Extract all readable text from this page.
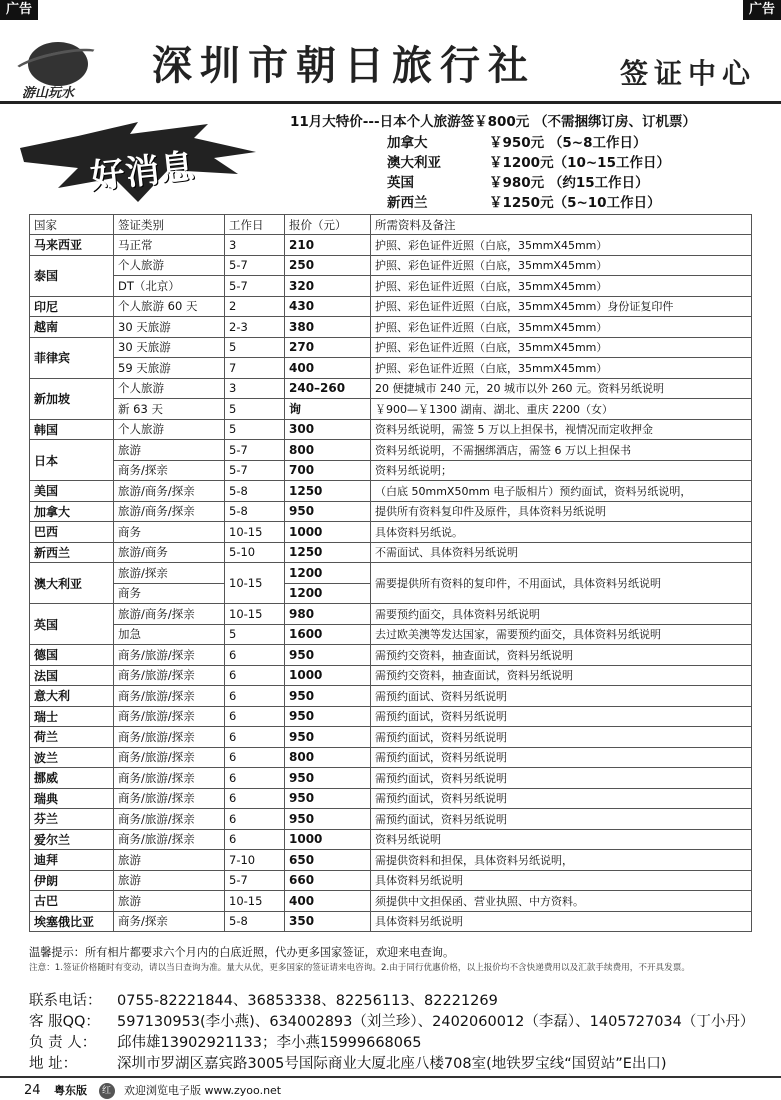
广告	广告
游山玩水
深圳市朝日旅行社	签证中心
好消息
11月大特价---日本个人旅游签￥800元 （不需捆绑订房、订机票）
加拿大	￥950元 （5~8工作日）
澳大利亚	￥1200元（10~15工作日）
英国	￥980元 （约15工作日）
新西兰	￥1250元（5~10工作日）
国家	签证类别	工作日	报价（元）	所需资料及备注
马来西亚	马正常	3	210	护照、彩色证件近照（白底，35mmX45mm）
泰国	个人旅游	5-7	250	护照、彩色证件近照（白底，35mmX45mm）
	DT（北京）	5-7	320	护照、彩色证件近照（白底，35mmX45mm）
印尼	个人旅游 60 天	2	430	护照、彩色证件近照（白底，35mmX45mm）身份证复印件
越南	30 天旅游	2-3	380	护照、彩色证件近照（白底，35mmX45mm）
菲律宾	30 天旅游	5	270	护照、彩色证件近照（白底，35mmX45mm）
	59 天旅游	7	400	护照、彩色证件近照（白底，35mmX45mm）
新加坡	个人旅游	3	240–260	20 便捷城市 240 元，20 城市以外 260 元。资料另纸说明
	新 63 天	5	询	￥900—￥1300 湖南、湖北、重庆 2200（女）
韩国	个人旅游	5	300	资料另纸说明，需签 5 万以上担保书，视情况而定收押金
日本	旅游	5-7	800	资料另纸说明，不需捆绑酒店，需签 6 万以上担保书
	商务/探亲	5-7	700	资料另纸说明；
美国	旅游/商务/探亲	5-8	1250	（白底 50mmX50mm 电子版相片）预约面试，资料另纸说明，
加拿大	旅游/商务/探亲	5-8	950	提供所有资料复印件及原件，具体资料另纸说明
巴西	商务	10-15	1000	具体资料另纸说。
新西兰	旅游/商务	5-10	1250	不需面试、具体资料另纸说明
澳大利亚	旅游/探亲	10-15	1200	需要提供所有资料的复印件，不用面试，具体资料另纸说明
	商务		1200	
英国	旅游/商务/探亲	10-15	980	需要预约面交，具体资料另纸说明
	加急	5	1600	去过欧美澳等发达国家，需要预约面交，具体资料另纸说明
德国	商务/旅游/探亲	6	950	需预约交资料，抽查面试，资料另纸说明
法国	商务/旅游/探亲	6	1000	需预约交资料，抽查面试，资料另纸说明
意大利	商务/旅游/探亲	6	950	需预约面试、资料另纸说明
瑞士	商务/旅游/探亲	6	950	需预约面试，资料另纸说明
荷兰	商务/旅游/探亲	6	950	需预约面试，资料另纸说明
波兰	商务/旅游/探亲	6	800	需预约面试，资料另纸说明
挪威	商务/旅游/探亲	6	950	需预约面试，资料另纸说明
瑞典	商务/旅游/探亲	6	950	需预约面试，资料另纸说明
芬兰	商务/旅游/探亲	6	950	需预约面试，资料另纸说明
爱尔兰	商务/旅游/探亲	6	1000	资料另纸说明
迪拜	旅游	7-10	650	需提供资料和担保，具体资料另纸说明，
伊朗	旅游	5-7	660	具体资料另纸说明
古巴	旅游	10-15	400	须提供中文担保函、营业执照、中方资料。
埃塞俄比亚	商务/探亲	5-8	350	具体资料另纸说明
温馨提示：所有相片都要求六个月内的白底近照，代办更多国家签证，欢迎来电查询。
注意：1.签证价格随时有变动，请以当日查询为准。量大从优，更多国家的签证请来电咨询。2.由于同行优惠价格，以上报价均不含快递费用以及汇款手续费用，不开具发票。
联系电话： 0755-82221844、36853338、82256113、82221269
客 服QQ： 597130953(李小燕)、634002893（刘兰珍）、2402060012（李磊）、1405727034（丁小丹）
负 责 人： 邱伟雄13902921133；李小燕15999668065
地 址：	深圳市罗湖区嘉宾路3005号国际商业大厦北座八楼708室(地铁罗宝线“国贸站”E出口)
24 粤东版 红 欢迎浏览电子版 www.zyoo.net
